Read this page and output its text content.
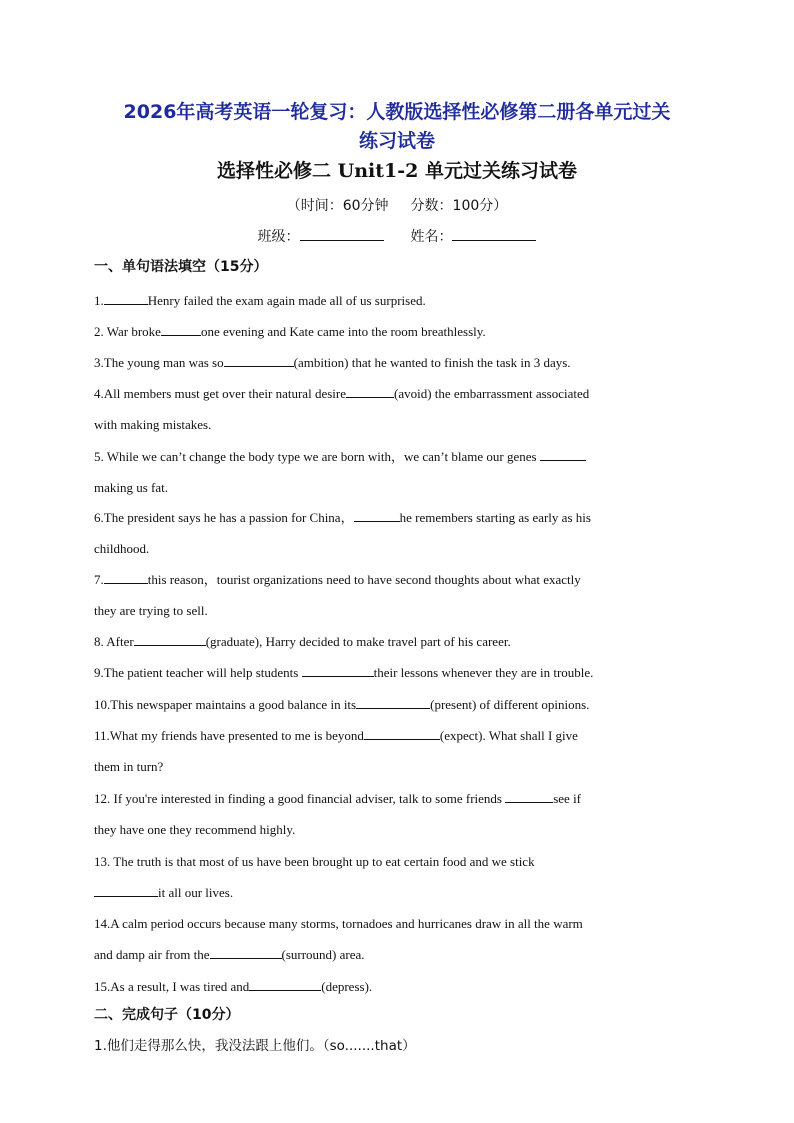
2026年高考英语一轮复习：人教版选择性必修第二册各单元过关
练习试卷
选择性必修二 Unit1-2 单元过关练习试卷
（时间：60分钟 分数：100分）
班级：	姓名：
一、单句语法填空（15分）
1.	Henry failed the exam again made all of us surprised.
2. War broke	one evening and Kate came into the room breathlessly.
3.The young man was so	(ambition) that he wanted to finish the task in 3 days.
4.All members must get over their natural desire	(avoid) the embarrassment associated
with making mistakes.
5. While we can’t change the body type we are born with，we can’t blame our genes
making us fat.
6.The president says he has a passion for China，	he remembers starting as early as his
childhood.
7.	this reason，tourist organizations need to have second thoughts about what exactly
they are trying to sell.
8. After	(graduate), Harry decided to make travel part of his career.
9.The patient teacher will help students	their lessons whenever they are in trouble.
10.This newspaper maintains a good balance in its	(present) of different opinions.
11.What my friends have presented to me is beyond	(expect). What shall I give
them in turn?
12. If you're interested in finding a good financial adviser, talk to some friends	see if
they have one they recommend highly.
13. The truth is that most of us have been brought up to eat certain food and we stick
it all our lives.
14.A calm period occurs because many storms, tornadoes and hurricanes draw in all the warm
and damp air from the	(surround) area.
15.As a result, I was tired and	(depress).
二、完成句子（10分）
1.他们走得那么快，我没法跟上他们。（so.......that）
